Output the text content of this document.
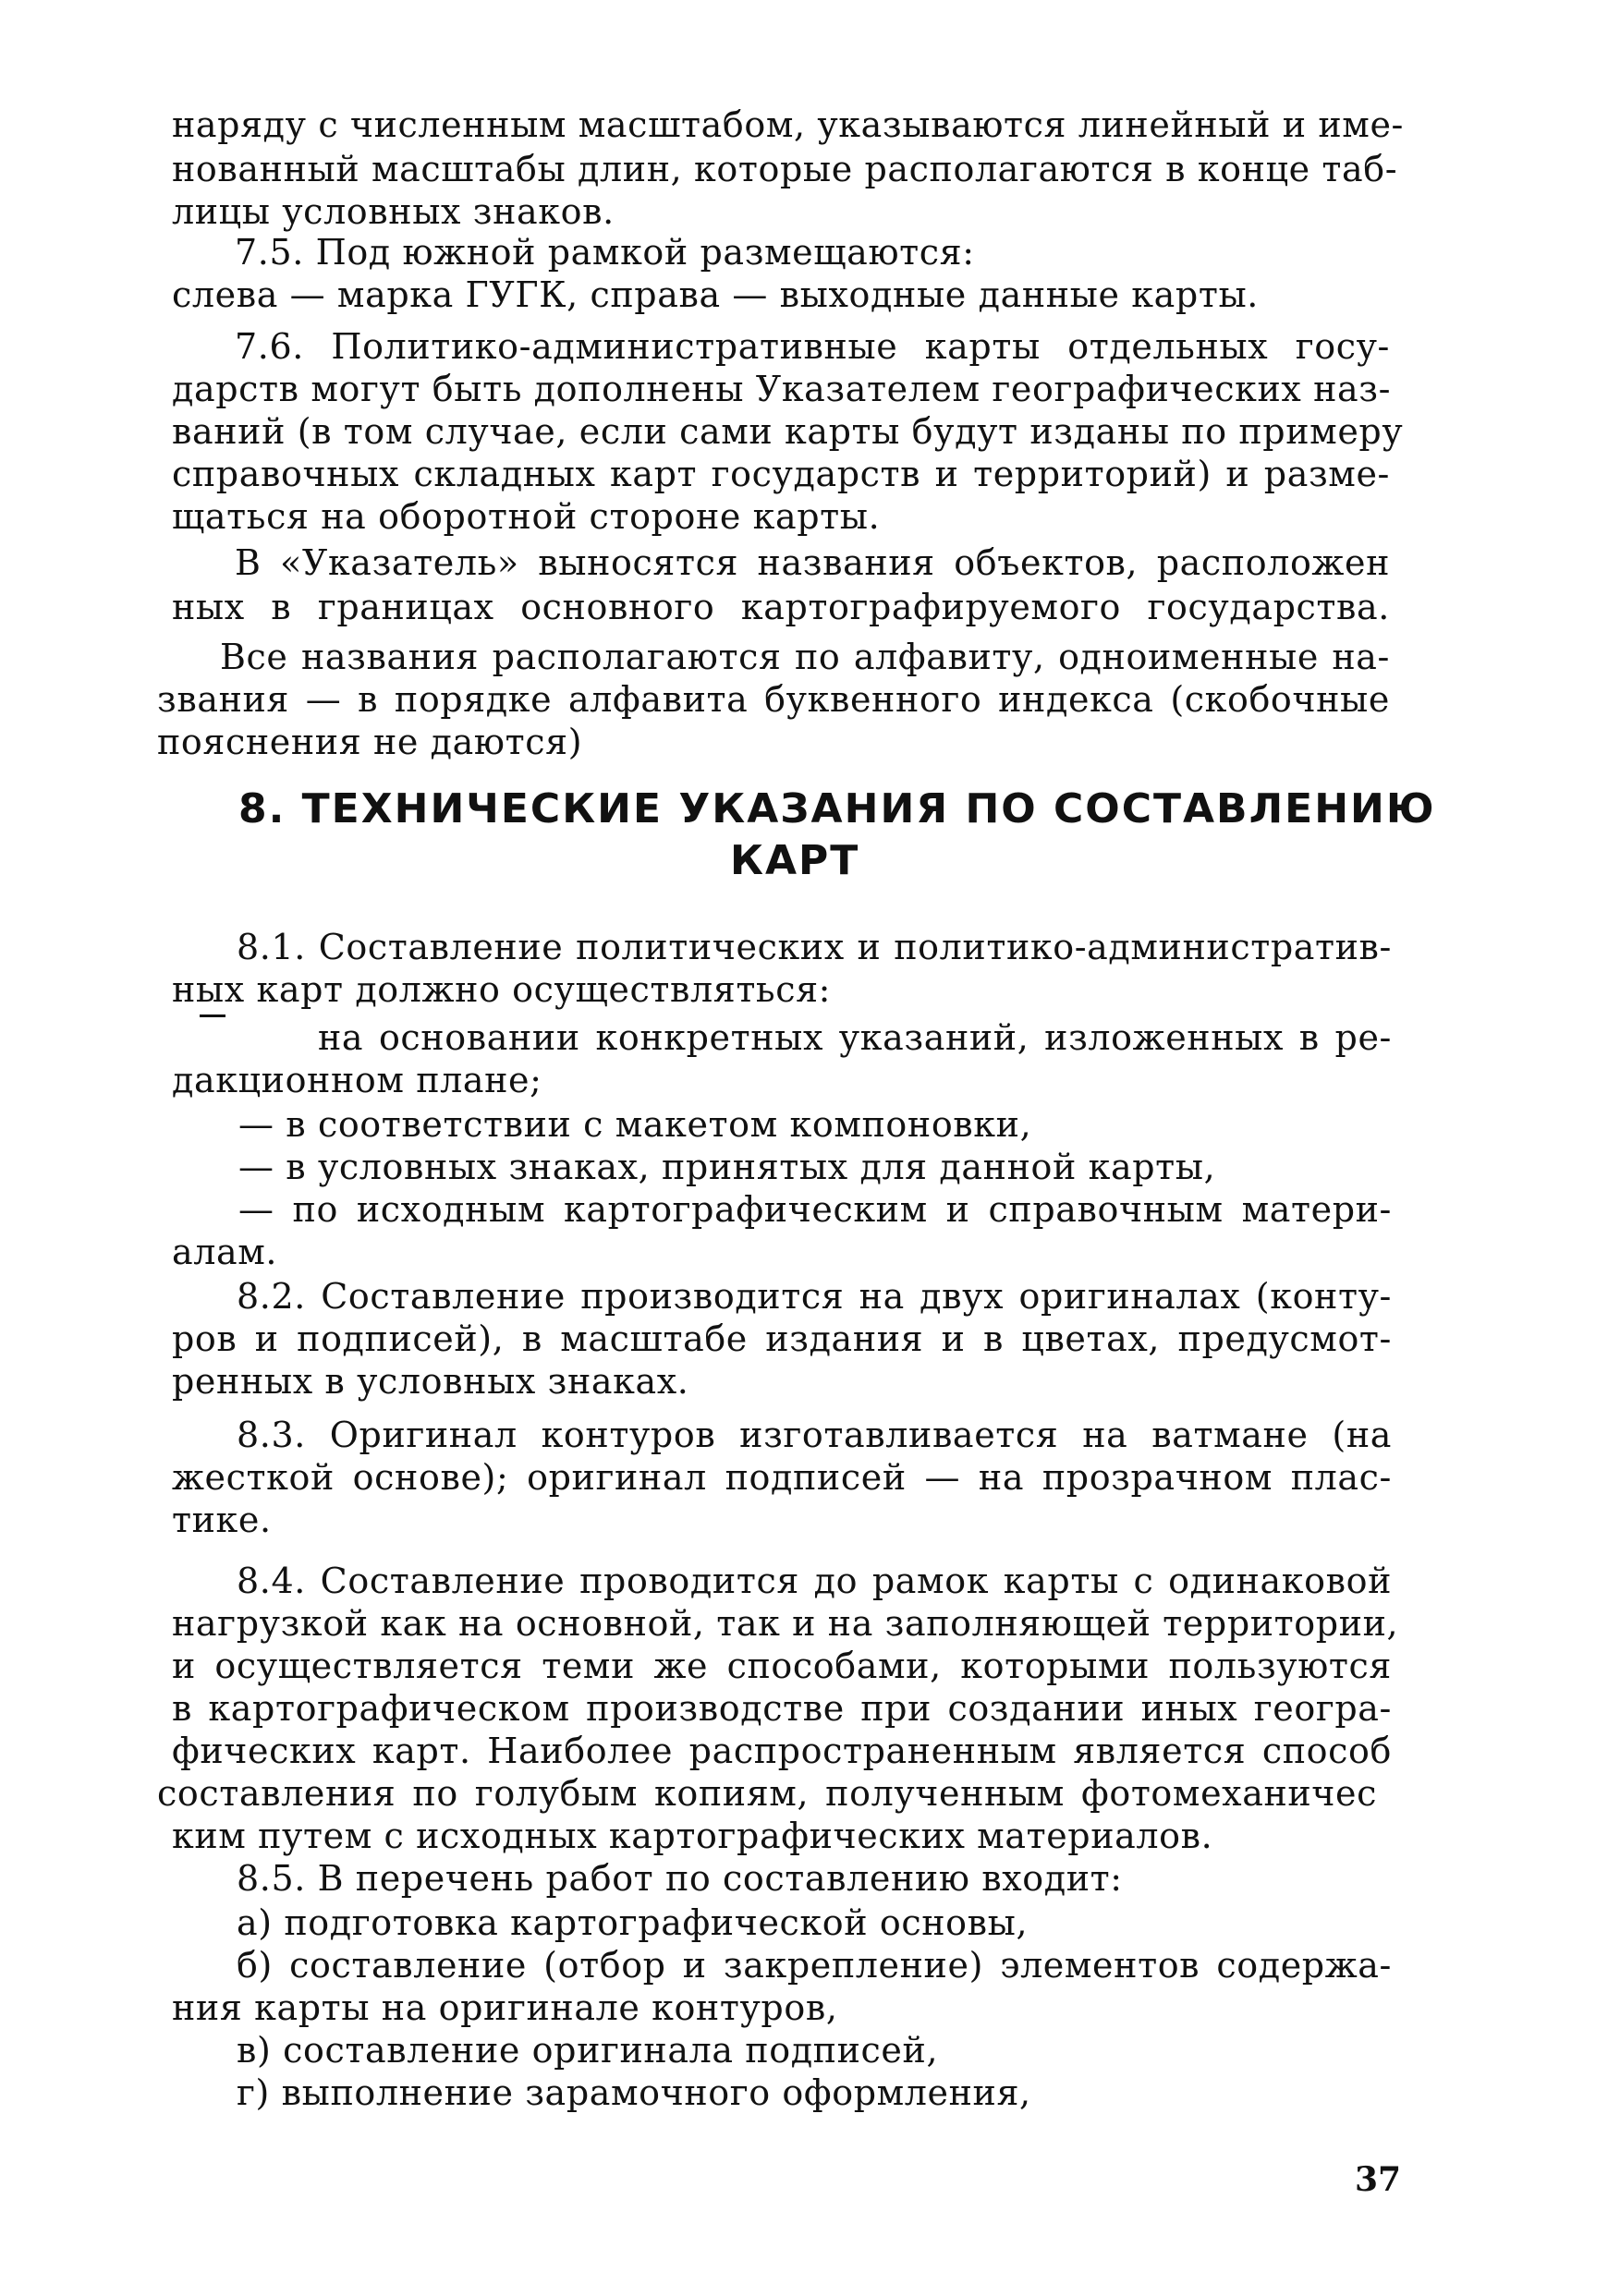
наряду с численным масштабом, указываются линейный и име-
нованный масштабы длин, которые располагаются в конце таб-
лицы условных знаков.
7.5. Под южной рамкой размещаются:
слева — марка ГУГК, справа — выходные данные карты.
7.6. Политико-административные карты отдельных госу-
дарств могут быть дополнены Указателем географических наз-
ваний (в том случае, если сами карты будут изданы по примеру
справочных складных карт государств и территорий) и разме-
щаться на оборотной стороне карты.
В «Указатель» выносятся названия объектов, расположен
ных в границах основного картографируемого государства.
Все названия располагаются по алфавиту, одноименные на-
звания — в порядке алфавита буквенного индекса (скобочные
пояснения не даются)
8. ТЕХНИЧЕСКИЕ УКАЗАНИЯ ПО СОСТАВЛЕНИЮ
КАРТ
8.1. Составление политических и политико-административ-
ных карт должно осуществляться:
на основании конкретных указаний, изложенных в ре-
дакционном плане;
— в соответствии с макетом компоновки,
— в условных знаках, принятых для данной карты,
— по исходным картографическим и справочным матери-
алам.
8.2. Составление производится на двух оригиналах (конту-
ров и подписей), в масштабе издания и в цветах, предусмот-
ренных в условных знаках.
8.3. Оригинал контуров изготавливается на ватмане (на
жесткой основе); оригинал подписей — на прозрачном плас-
тике.
8.4. Составление проводится до рамок карты с одинаковой
нагрузкой как на основной, так и на заполняющей территории,
и осуществляется теми же способами, которыми пользуются
в картографическом производстве при создании иных геогра-
фических карт. Наиболее распространенным является способ
составления по голубым копиям, полученным фотомеханичес
ким путем с исходных картографических материалов.
8.5. В перечень работ по составлению входит:
а) подготовка картографической основы,
б) составление (отбор и закрепление) элементов содержа-
ния карты на оригинале контуров,
в) составление оригинала подписей,
г) выполнение зарамочного оформления,
37
